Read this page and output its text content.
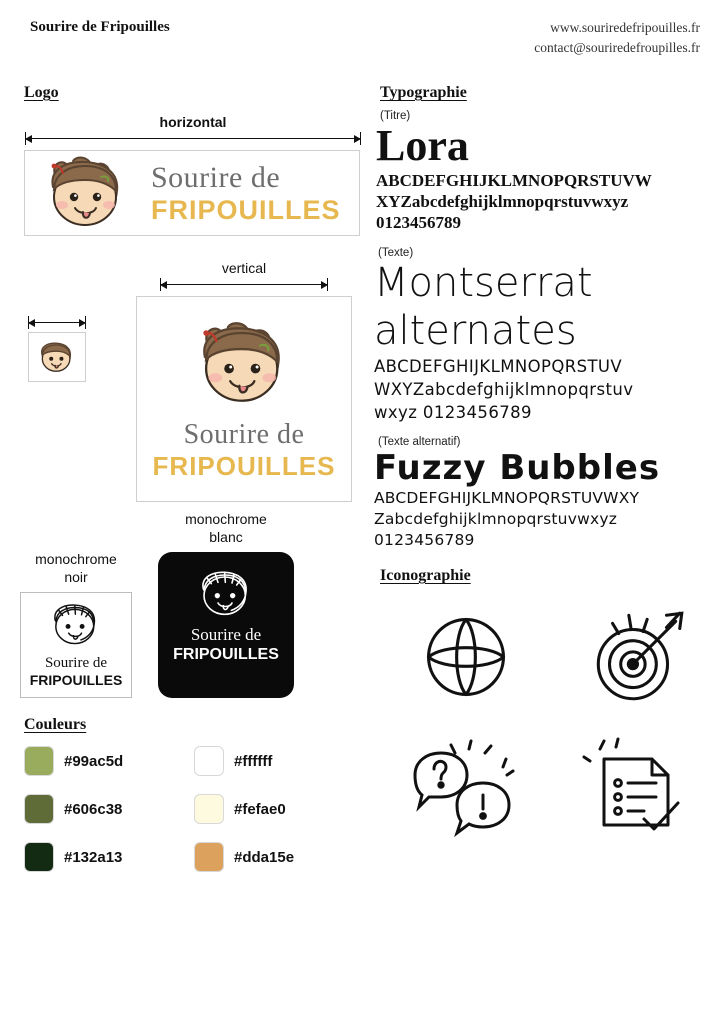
Sourire de Fripouilles	www.souriredefripouilles.fr
contact@souriredefroupilles.fr
Logo
horizontal
Sourire de
FRIPOUILLES
vertical
Sourire de
FRIPOUILLES
monochrome
noir
Sourire de
FRIPOUILLES
monochrome
blanc
Sourire de
FRIPOUILLES
Couleurs
#99ac5d	#ffffff
#606c38	#fefae0
#132a13	#dda15e
Typographie
(Titre)
Lora
ABCDEFGHIJKLMNOPQRSTUVW
XYZabcdefghijklmnopqrstuvwxyz
0123456789
(Texte)
Montserrat
alternates
ABCDEFGHIJKLMNOPQRSTUV
WXYZabcdefghijklmnopqrstuv
wxyz 0123456789
(Texte alternatif)
Fuzzy Bubbles
ABCDEFGHIJKLMNOPQRSTUVWXY
Zabcdefghijklmnopqrstuvwxyz
0123456789
Iconographie
